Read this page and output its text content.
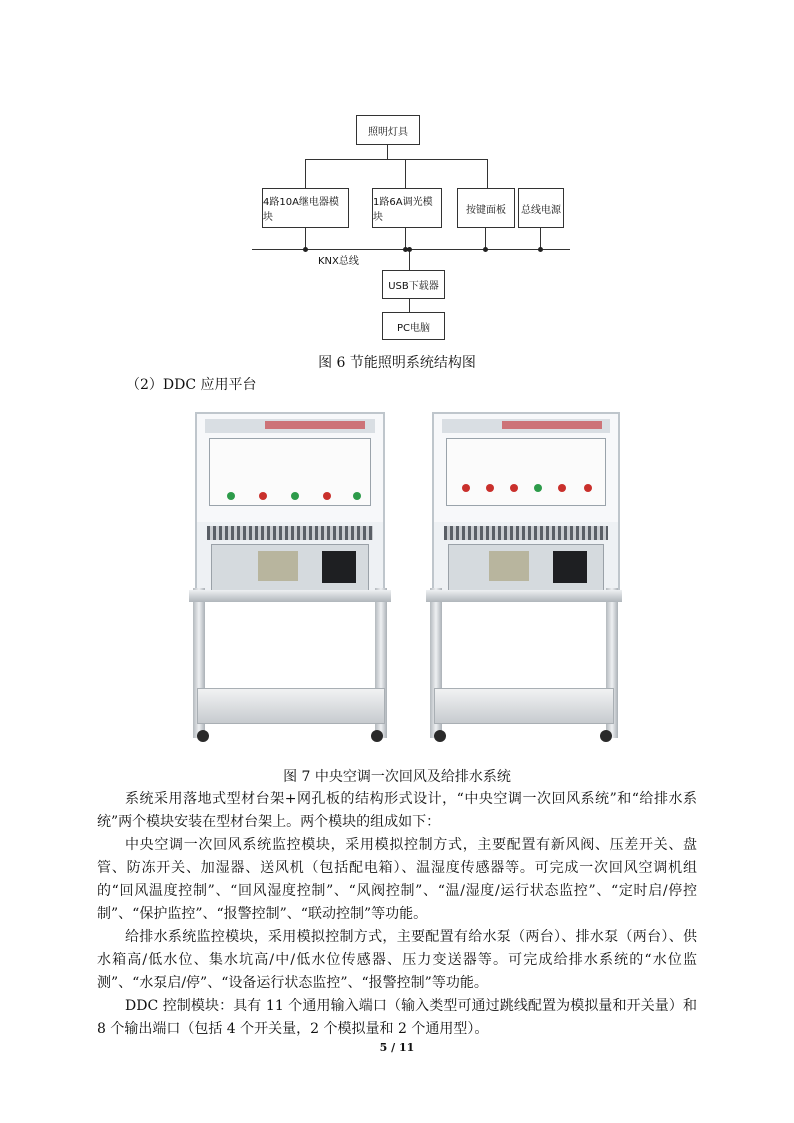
KNX总线
照明灯具
4路10A继电器模块
1路6A调光模块
按键面板	总线电源
USB下载器
PC电脑
图 6 节能照明系统结构图
（2）DDC 应用平台
图 7 中央空调一次回风及给排水系统
系统采用落地式型材台架+网孔板的结构形式设计，“中央空调一次回风系统”和“给排水系统”两个模块安装在型材台架上。两个模块的组成如下：
中央空调一次回风系统监控模块，采用模拟控制方式，主要配置有新风阀、压差开关、盘管、防冻开关、加湿器、送风机（包括配电箱）、温湿度传感器等。可完成一次回风空调机组的“回风温度控制”、“回风湿度控制”、“风阀控制”、“温/湿度/运行状态监控”、“定时启/停控制”、“保护监控”、“报警控制”、“联动控制”等功能。
给排水系统监控模块，采用模拟控制方式，主要配置有给水泵（两台）、排水泵（两台）、供水箱高/低水位、集水坑高/中/低水位传感器、压力变送器等。可完成给排水系统的“水位监测”、“水泵启/停”、“设备运行状态监控”、“报警控制”等功能。
DDC 控制模块：具有 11 个通用输入端口（输入类型可通过跳线配置为模拟量和开关量）和 8 个输出端口（包括 4 个开关量，2 个模拟量和 2 个通用型）。
5 / 11
